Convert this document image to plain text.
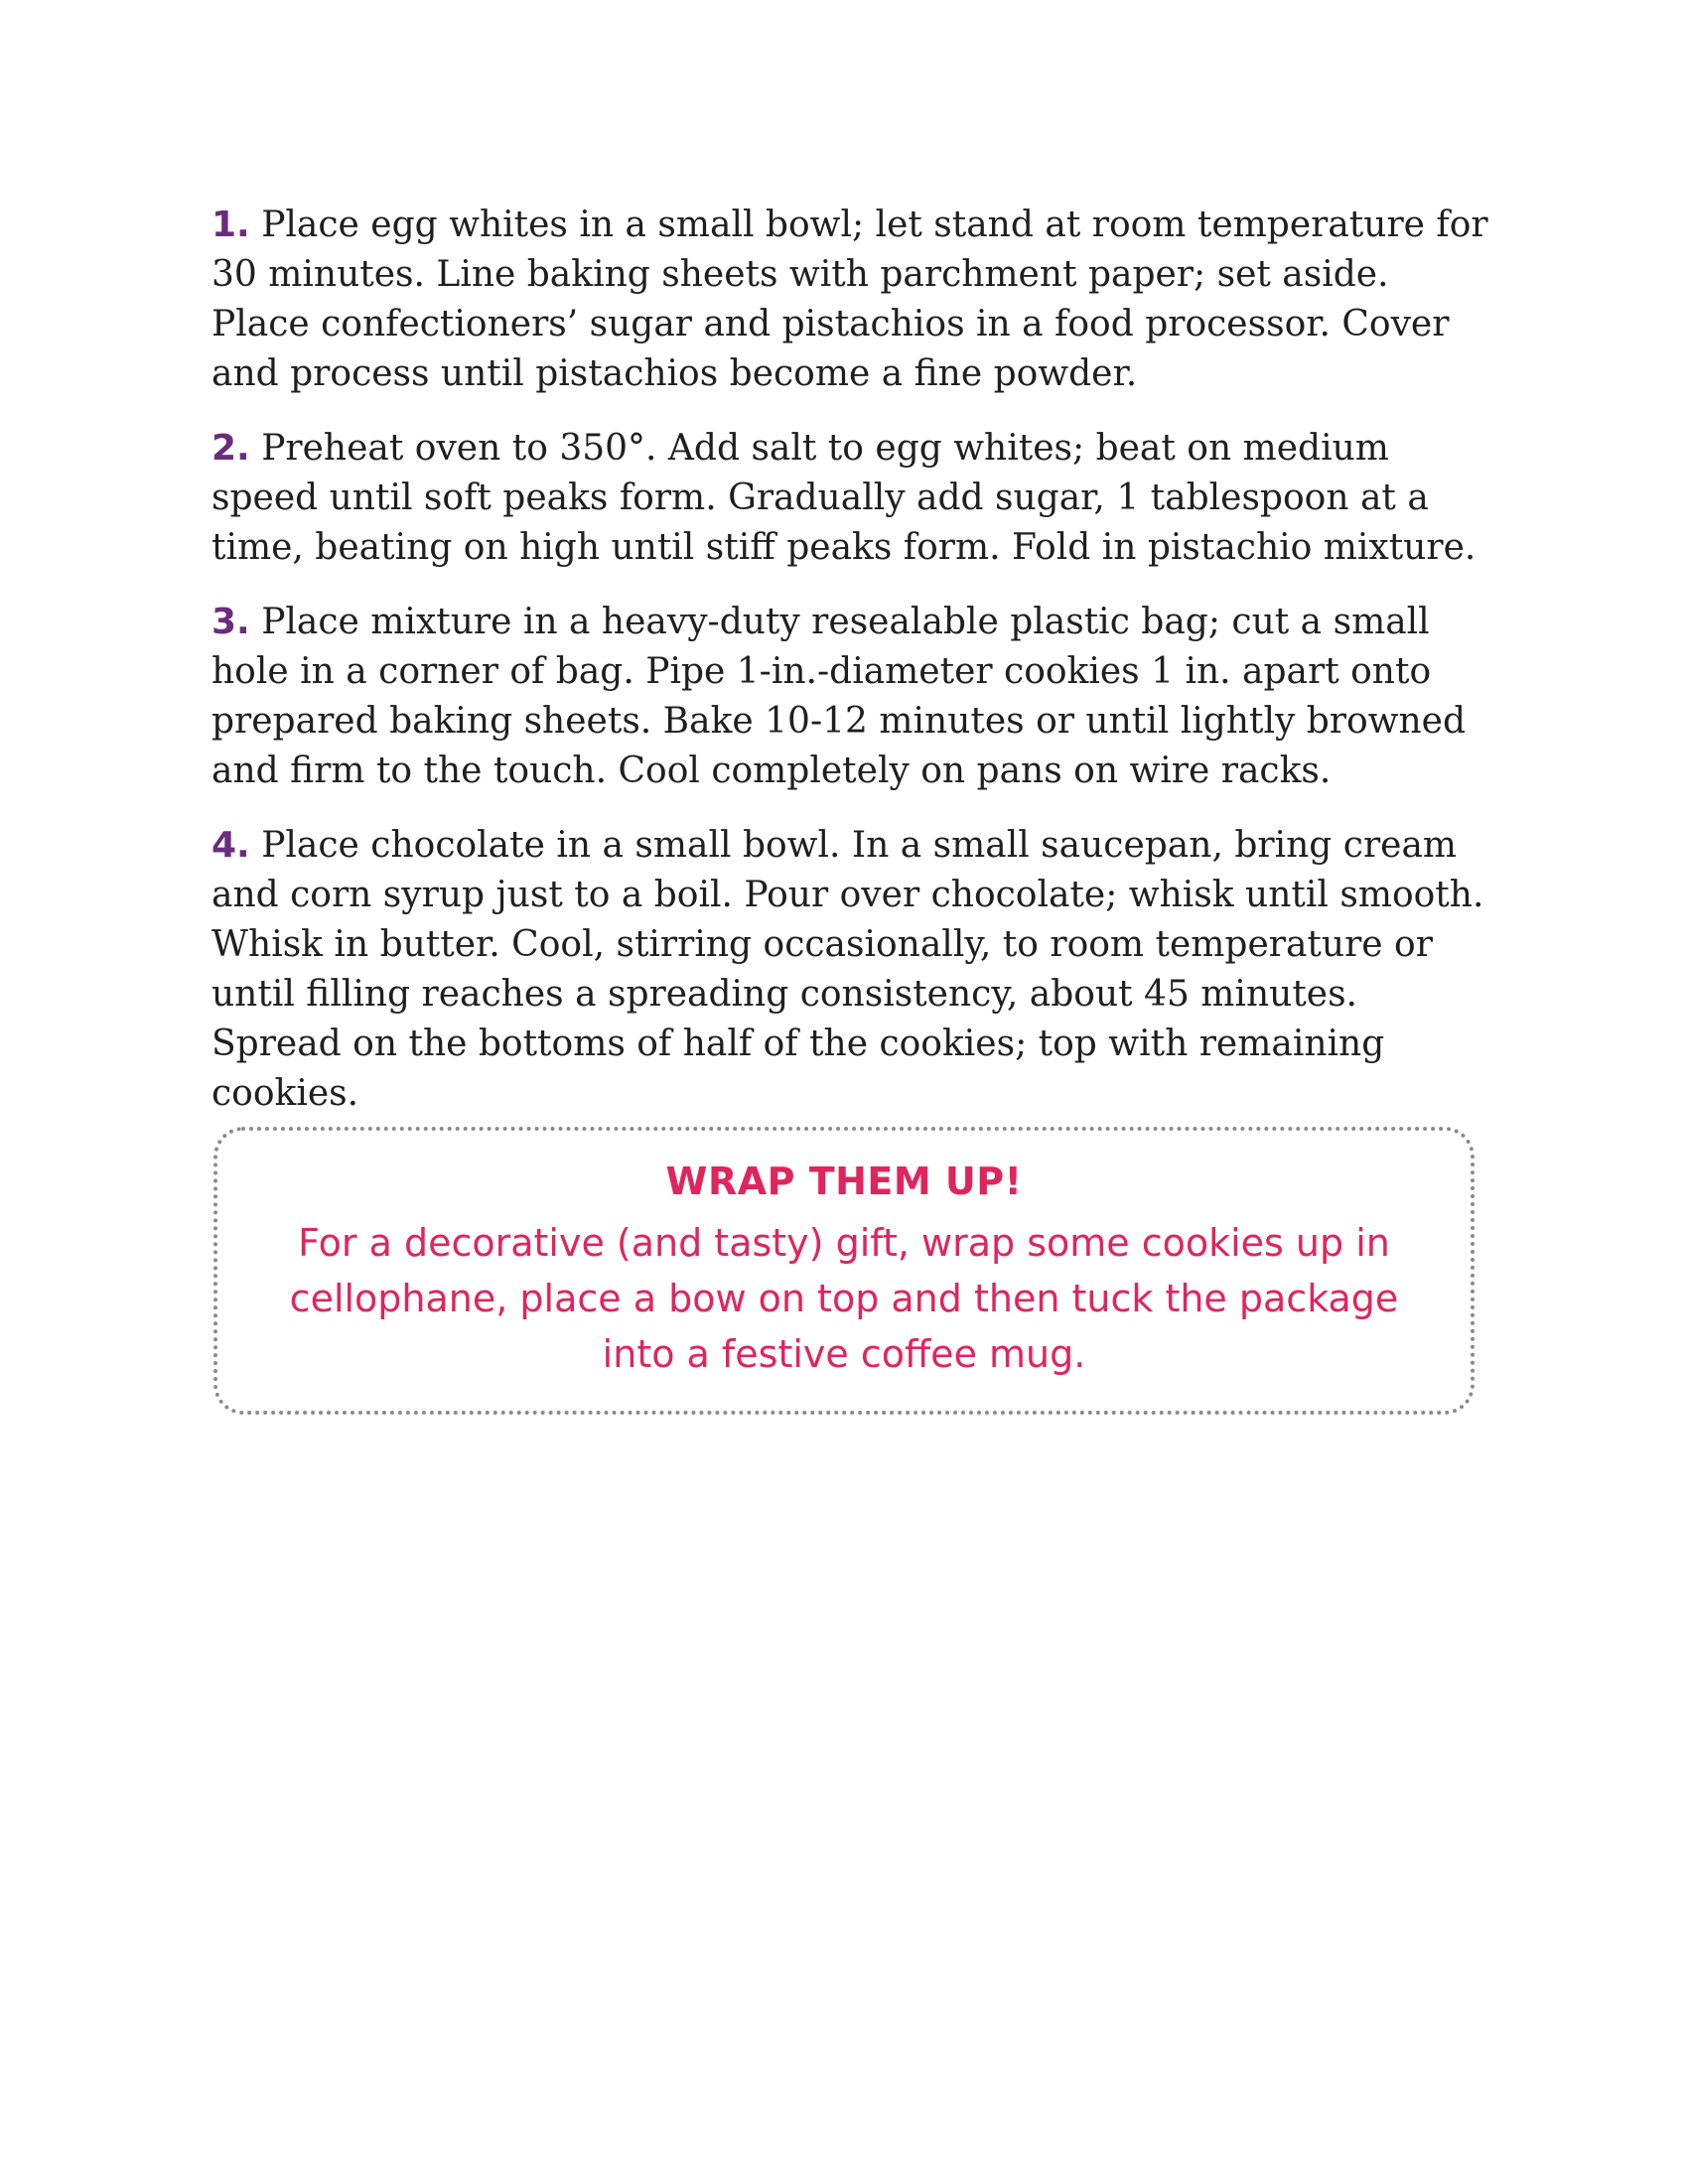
1. Place egg whites in a small bowl; let stand at room temperature for 30 minutes. Line baking sheets with parchment paper; set aside. Place confectioners’ sugar and pistachios in a food processor. Cover and process until pistachios become a fine powder.

2. Preheat oven to 350°. Add salt to egg whites; beat on medium speed until soft peaks form. Gradually add sugar, 1 tablespoon at a time, beating on high until stiff peaks form. Fold in pistachio mixture.

3. Place mixture in a heavy-duty resealable plastic bag; cut a small hole in a corner of bag. Pipe 1-in.-diameter cookies 1 in. apart onto prepared baking sheets. Bake 10-12 minutes or until lightly browned and firm to the touch. Cool completely on pans on wire racks.

4. Place chocolate in a small bowl. In a small saucepan, bring cream and corn syrup just to a boil. Pour over chocolate; whisk until smooth. Whisk in butter. Cool, stirring occasionally, to room temperature or until filling reaches a spreading consistency, about 45 minutes. Spread on the bottoms of half of the cookies; top with remaining cookies.

WRAP THEM UP!
For a decorative (and tasty) gift, wrap some cookies up in cellophane, place a bow on top and then tuck the package into a festive coffee mug.
